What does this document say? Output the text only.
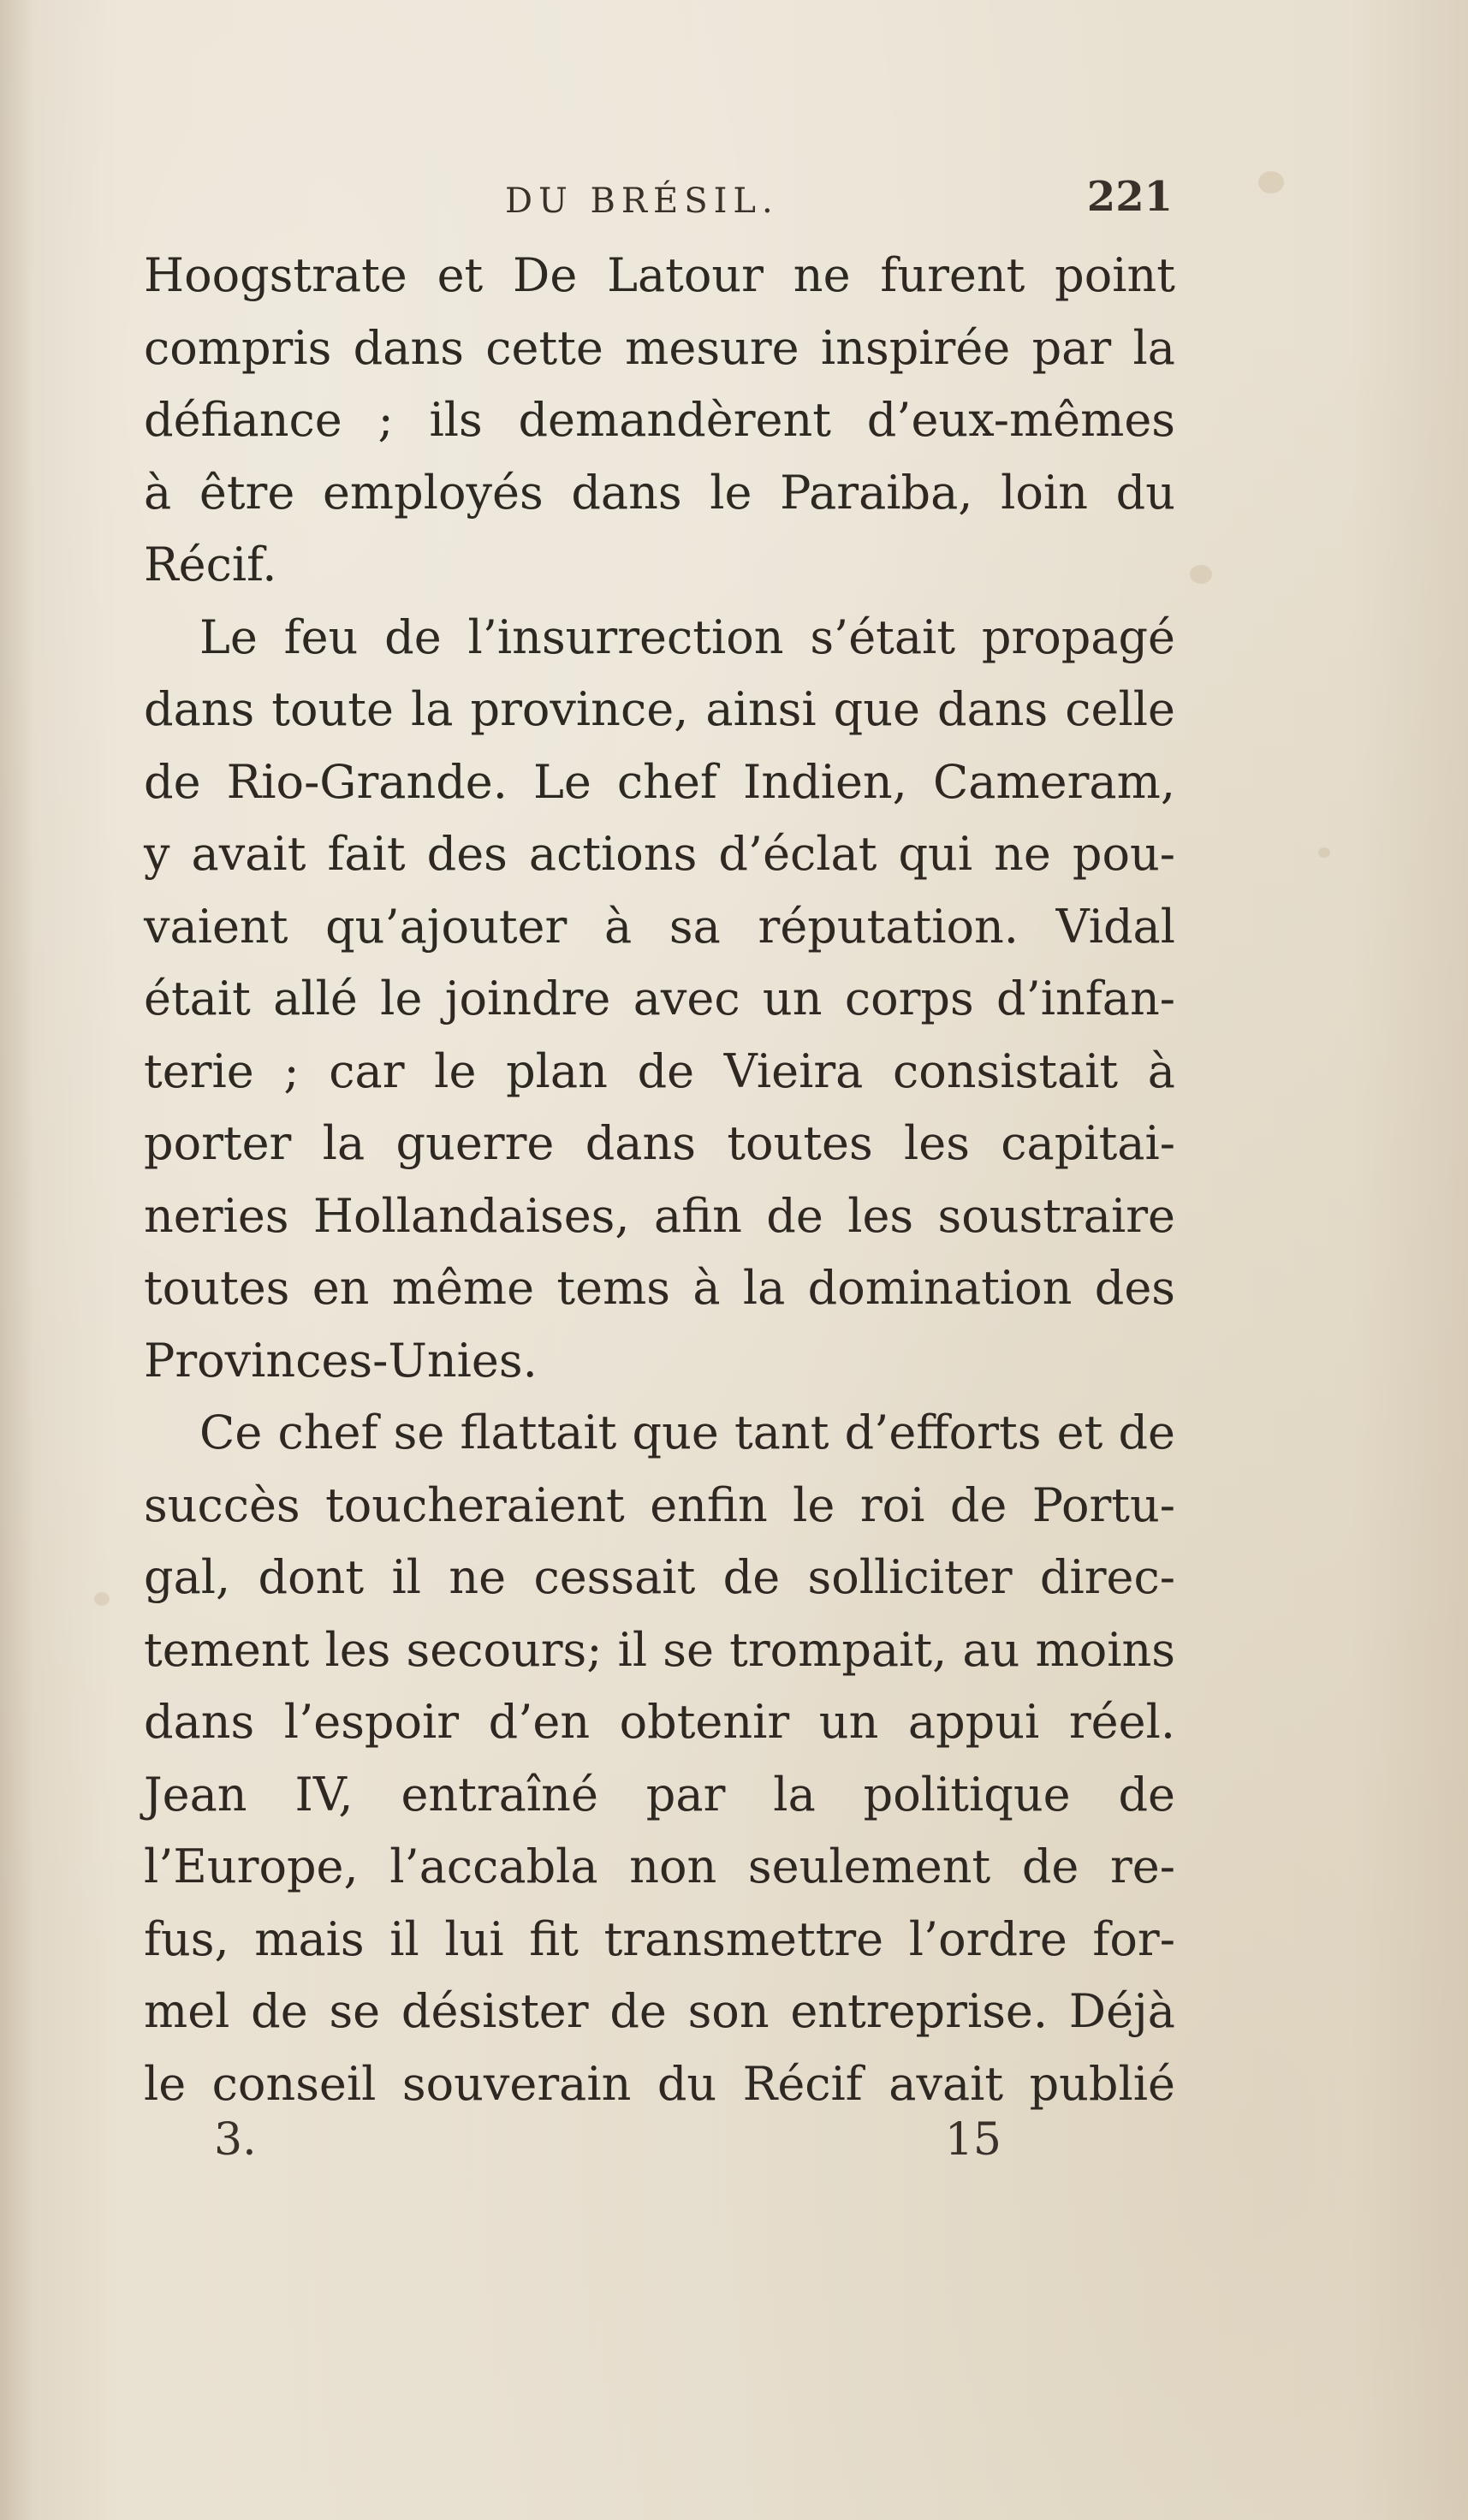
DU BRÉSIL.	221
Hoogstrate et De Latour ne furent point
compris dans cette mesure inspirée par la
défiance ; ils demandèrent d’eux-mêmes
à être employés dans le Paraiba, loin du
Récif.
Le feu de l’insurrection s’était propagé
dans toute la province, ainsi que dans celle
de Rio-Grande. Le chef Indien, Cameram,
y avait fait des actions d’éclat qui ne pou-
vaient qu’ajouter à sa réputation. Vidal
était allé le joindre avec un corps d’infan-
terie ; car le plan de Vieira consistait à
porter la guerre dans toutes les capitai-
neries Hollandaises, afin de les soustraire
toutes en même tems à la domination des
Provinces-Unies.
Ce chef se flattait que tant d’efforts et de
succès toucheraient enfin le roi de Portu-
gal, dont il ne cessait de solliciter direc-
tement les secours; il se trompait, au moins
dans l’espoir d’en obtenir un appui réel.
Jean IV, entraîné par la politique de
l’Europe, l’accabla non seulement de re-
fus, mais il lui fit transmettre l’ordre for-
mel de se désister de son entreprise. Déjà
le conseil souverain du Récif avait publié
3.	15
